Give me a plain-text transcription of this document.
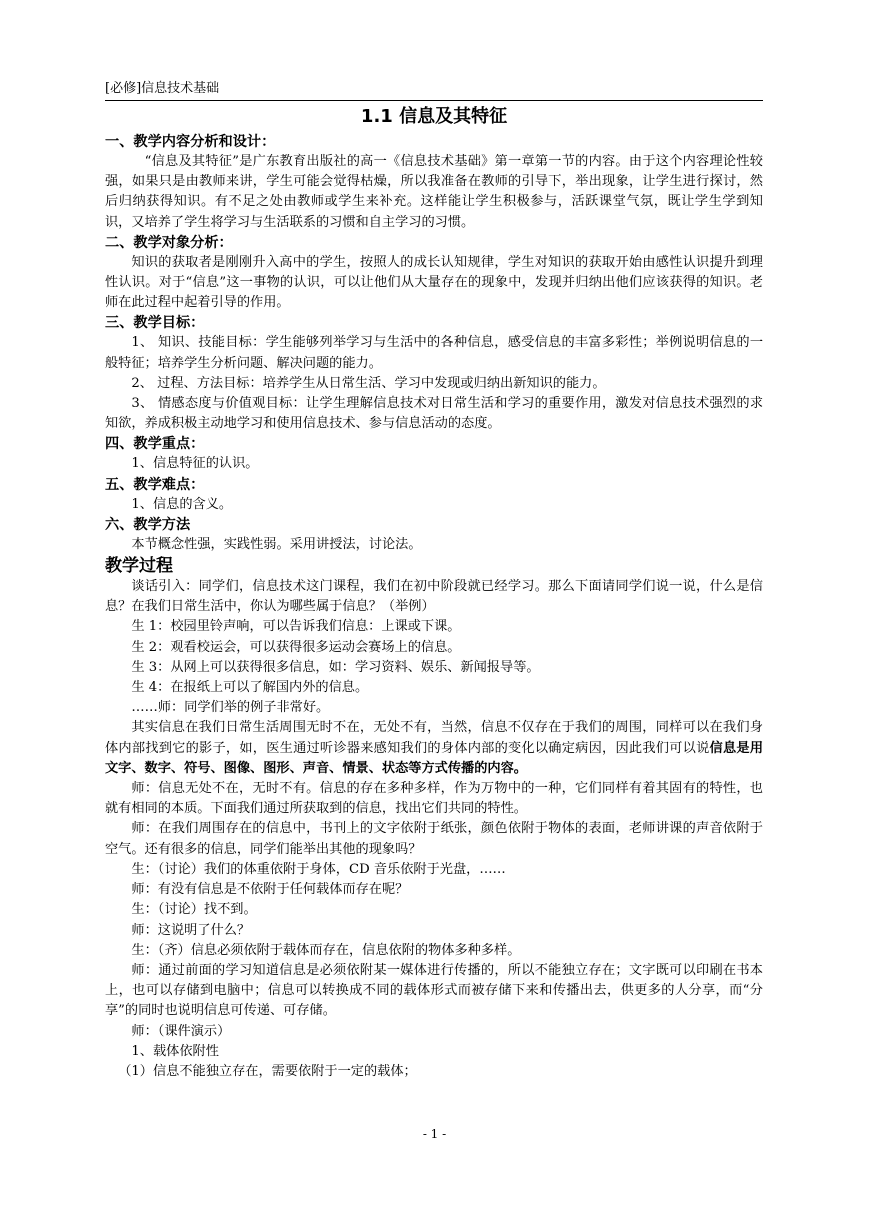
[必修]信息技术基础
1.1 信息及其特征
一、教学内容分析和设计：

“信息及其特征”是广东教育出版社的高一《信息技术基础》第一章第一节的内容。由于这个内容理论性较强，如果只是由教师来讲，学生可能会觉得枯燥，所以我准备在教师的引导下，举出现象，让学生进行探讨，然后归纳获得知识。有不足之处由教师或学生来补充。这样能让学生积极参与，活跃课堂气氛，既让学生学到知识，又培养了学生将学习与生活联系的习惯和自主学习的习惯。

二、教学对象分析：

知识的获取者是刚刚升入高中的学生，按照人的成长认知规律，学生对知识的获取开始由感性认识提升到理性认识。对于“信息”这一事物的认识，可以让他们从大量存在的现象中，发现并归纳出他们应该获得的知识。老师在此过程中起着引导的作用。

三、教学目标：

1、 知识、技能目标：学生能够列举学习与生活中的各种信息，感受信息的丰富多彩性；举例说明信息的一般特征；培养学生分析问题、解决问题的能力。

2、 过程、方法目标：培养学生从日常生活、学习中发现或归纳出新知识的能力。

3、 情感态度与价值观目标：让学生理解信息技术对日常生活和学习的重要作用，激发对信息技术强烈的求知欲，养成积极主动地学习和使用信息技术、参与信息活动的态度。

四、教学重点：

1、信息特征的认识。

五、教学难点：

1、信息的含义。

六、教学方法

本节概念性强，实践性弱。采用讲授法，讨论法。

教学过程

谈话引入：同学们，信息技术这门课程，我们在初中阶段就已经学习。那么下面请同学们说一说，什么是信息？在我们日常生活中，你认为哪些属于信息？（举例）

生 1：校园里铃声响，可以告诉我们信息：上课或下课。

生 2：观看校运会，可以获得很多运动会赛场上的信息。

生 3：从网上可以获得很多信息，如：学习资料、娱乐、新闻报导等。

生 4：在报纸上可以了解国内外的信息。

……师：同学们举的例子非常好。

其实信息在我们日常生活周围无时不在，无处不有，当然，信息不仅存在于我们的周围，同样可以在我们身体内部找到它的影子，如，医生通过听诊器来感知我们的身体内部的变化以确定病因，因此我们可以说信息是用文字、数字、符号、图像、图形、声音、情景、状态等方式传播的内容。

师：信息无处不在，无时不有。信息的存在多种多样，作为万物中的一种，它们同样有着其固有的特性，也就有相同的本质。下面我们通过所获取到的信息，找出它们共同的特性。

师：在我们周围存在的信息中，书刊上的文字依附于纸张，颜色依附于物体的表面，老师讲课的声音依附于空气。还有很多的信息，同学们能举出其他的现象吗？

生：（讨论）我们的体重依附于身体，CD 音乐依附于光盘，……

师：有没有信息是不依附于任何载体而存在呢？

生：（讨论）找不到。

师：这说明了什么？

生：（齐）信息必须依附于载体而存在，信息依附的物体多种多样。

师：通过前面的学习知道信息是必须依附某一媒体进行传播的，所以不能独立存在；文字既可以印刷在书本上，也可以存储到电脑中；信息可以转换成不同的载体形式而被存储下来和传播出去，供更多的人分享，而“分享”的同时也说明信息可传递、可存储。

师：（课件演示）

1、载体依附性

（1）信息不能独立存在，需要依附于一定的载体；

- 1 -
